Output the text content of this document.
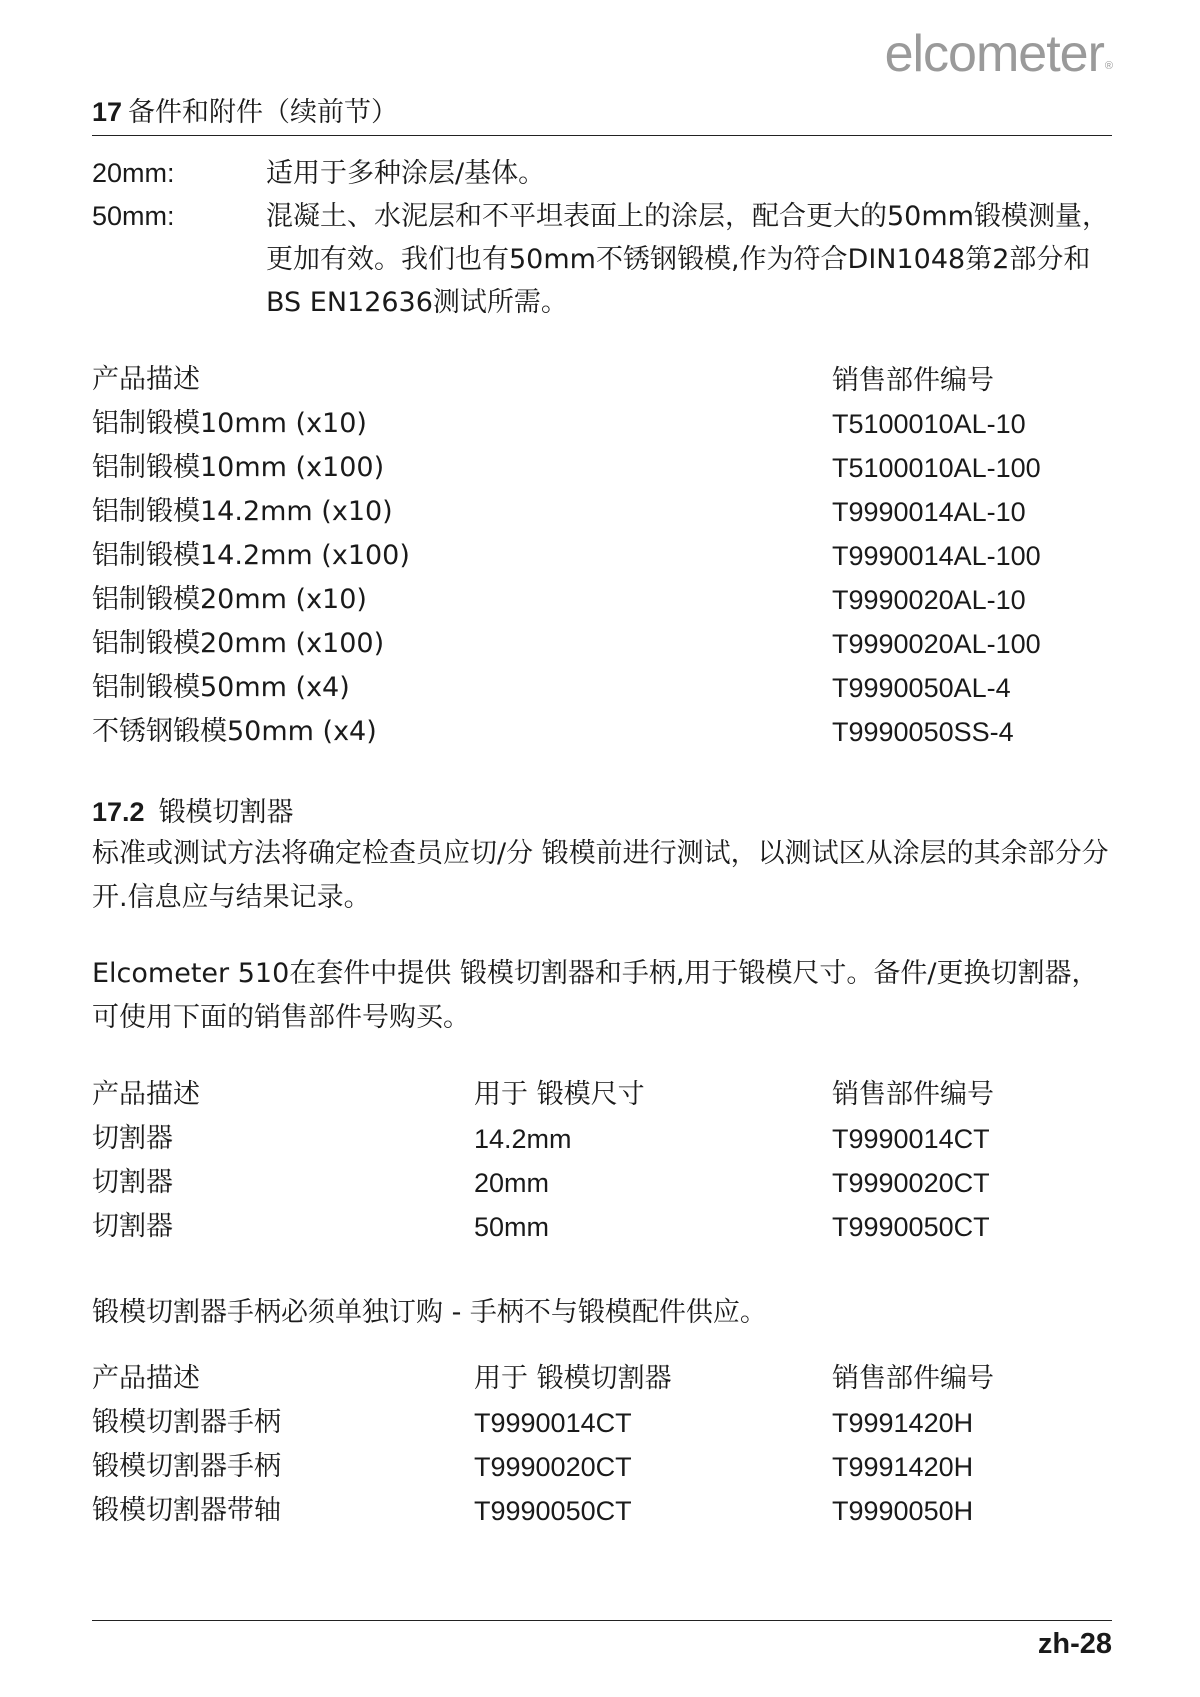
elcometer®
17 备件和附件（续前节）
20mm:	适用于多种涂层/基体。
50mm:	混凝土、水泥层和不平坦表面上的涂层，配合更大的50mm锻模测量，更加有效。我们也有50mm不锈钢锻模,作为符合DIN1048第2部分和BS EN12636测试所需。
产品描述	销售部件编号
铝制锻模10mm (x10)	T5100010AL-10
铝制锻模10mm (x100)	T5100010AL-100
铝制锻模14.2mm (x10)	T9990014AL-10
铝制锻模14.2mm (x100)	T9990014AL-100
铝制锻模20mm (x10)	T9990020AL-10
铝制锻模20mm (x100)	T9990020AL-100
铝制锻模50mm (x4)	T9990050AL-4
不锈钢锻模50mm (x4)	T9990050SS-4
17.2 锻模切割器
标准或测试方法将确定检查员应切/分 锻模前进行测试，以测试区从涂层的其余部分分开.信息应与结果记录。
Elcometer 510在套件中提供 锻模切割器和手柄,用于锻模尺寸。备件/更换切割器，可使用下面的销售部件号购买。
产品描述	用于 锻模尺寸	销售部件编号
切割器	14.2mm	T9990014CT
切割器	20mm	T9990020CT
切割器	50mm	T9990050CT
锻模切割器手柄必须单独订购 - 手柄不与锻模配件供应。
产品描述	用于 锻模切割器	销售部件编号
锻模切割器手柄	T9990014CT	T9991420H
锻模切割器手柄	T9990020CT	T9991420H
锻模切割器带轴	T9990050CT	T9990050H
zh-28
